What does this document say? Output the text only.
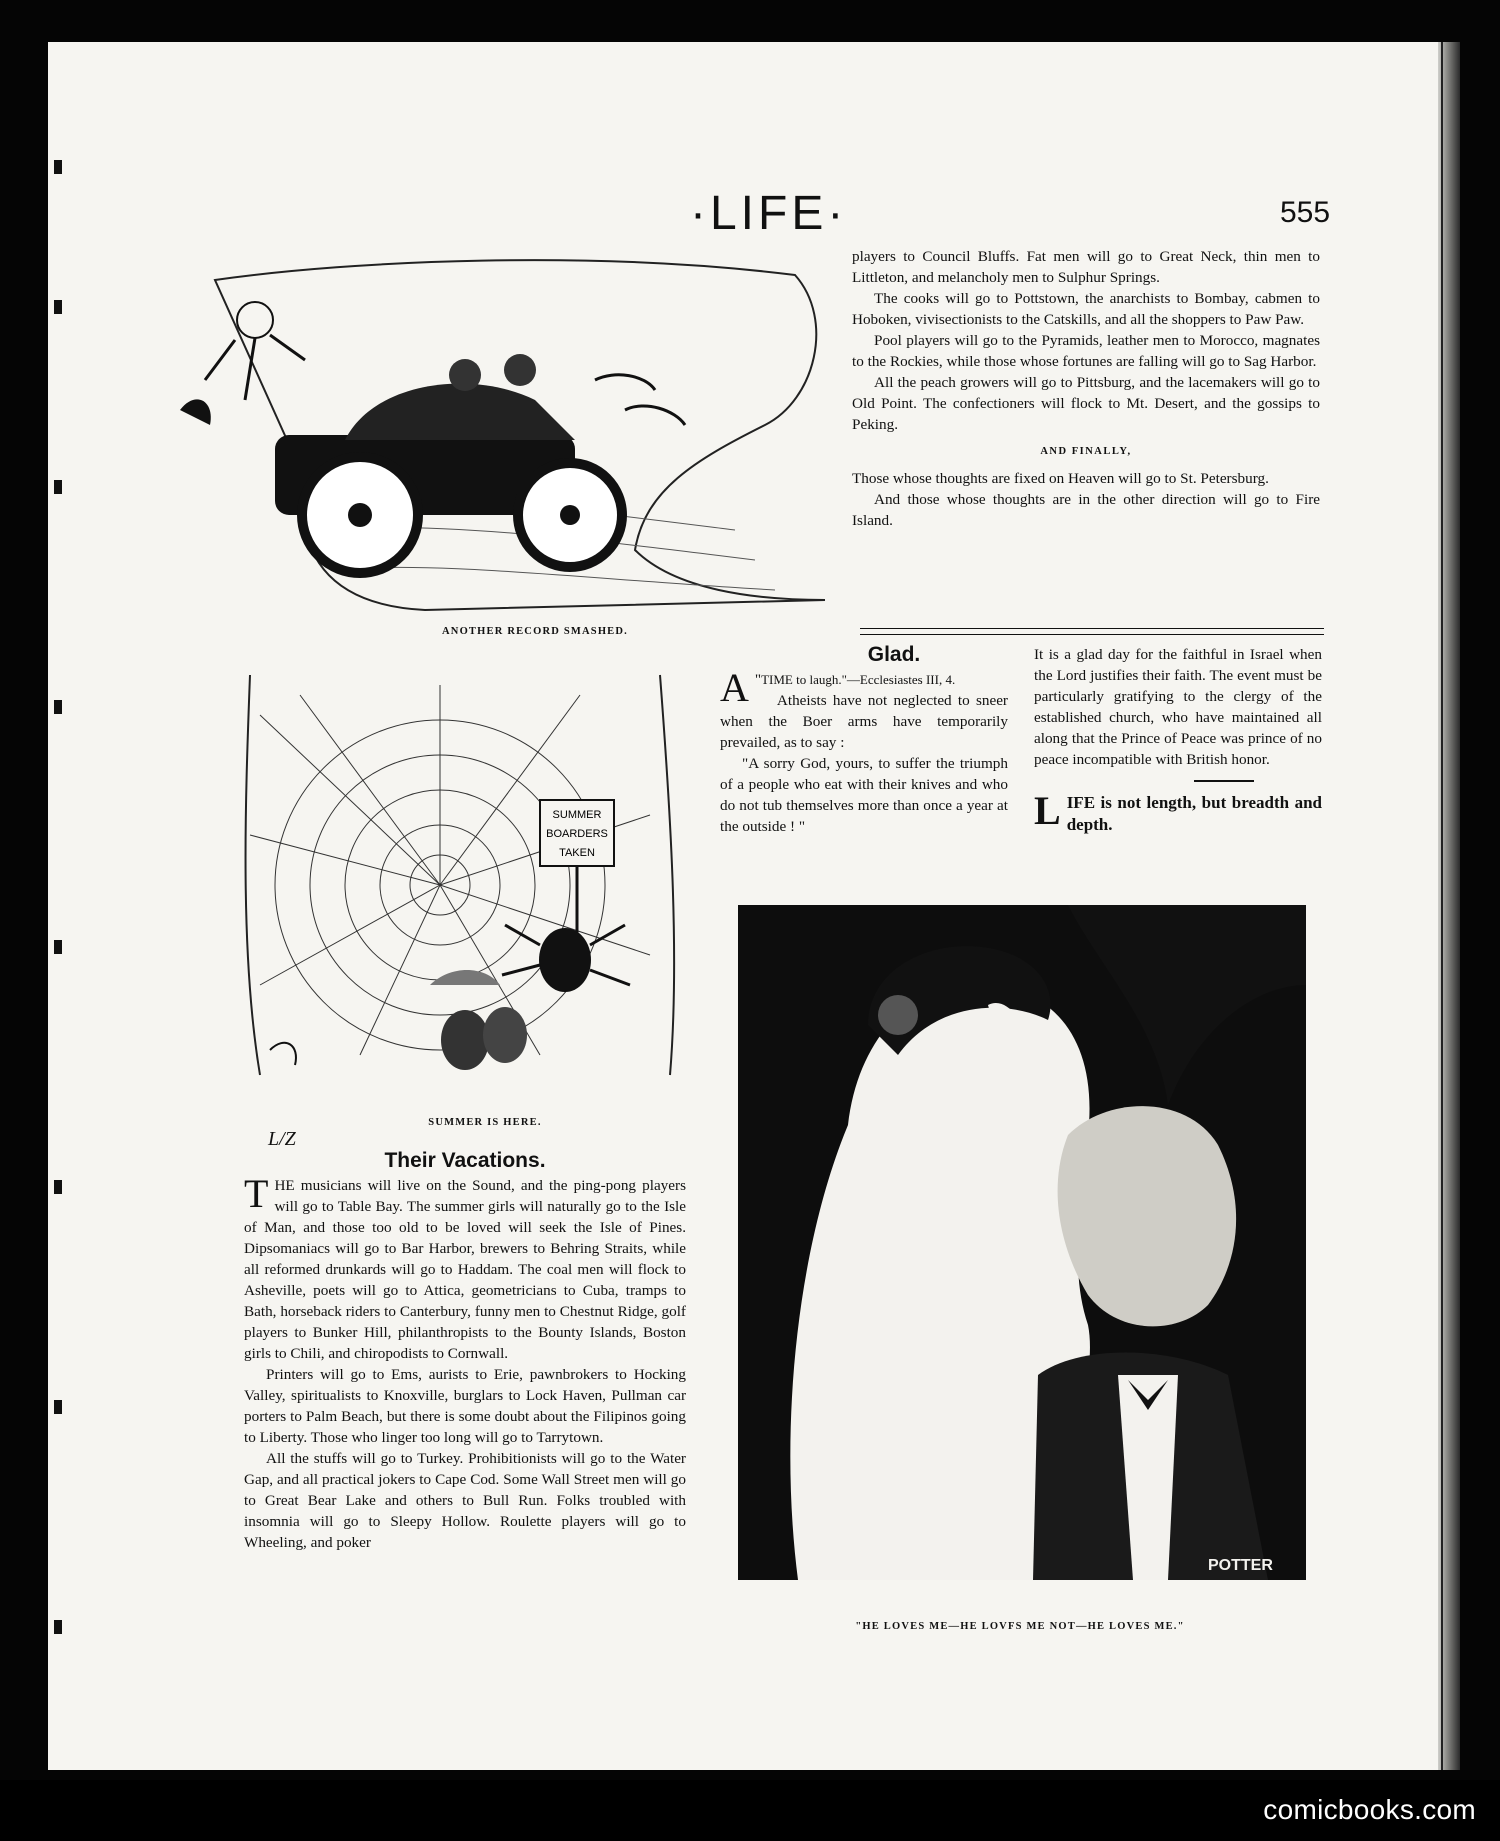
·LIFE·	555
ANOTHER RECORD SMASHED.
SUMMER
BOARDERS
TAKEN
SUMMER IS HERE.
L/Z
Their Vacations.

THE musicians will live on the Sound, and the ping-pong players will go to Table Bay. The summer girls will naturally go to the Isle of Man, and those too old to be loved will seek the Isle of Pines. Dipsomaniacs will go to Bar Harbor, brewers to Behring Straits, while all reformed drunkards will go to Haddam. The coal men will flock to Asheville, poets will go to Attica, geometricians to Cuba, tramps to Bath, horseback riders to Canterbury, funny men to Chestnut Ridge, golf players to Bunker Hill, philanthropists to the Bounty Islands, Boston girls to Chili, and chiropodists to Cornwall.

Printers will go to Ems, aurists to Erie, pawnbrokers to Hocking Valley, spiritualists to Knoxville, burglars to Lock Haven, Pullman car porters to Palm Beach, but there is some doubt about the Filipinos going to Liberty. Those who linger too long will go to Tarrytown.

All the stuffs will go to Turkey. Prohibitionists will go to the Water Gap, and all practical jokers to Cape Cod. Some Wall Street men will go to Great Bear Lake and others to Bull Run. Folks troubled with insomnia will go to Sleepy Hollow. Roulette players will go to Wheeling, and poker

players to Council Bluffs. Fat men will go to Great Neck, thin men to Littleton, and melancholy men to Sulphur Springs.

The cooks will go to Pottstown, the anarchists to Bombay, cabmen to Hoboken, vivisectionists to the Catskills, and all the shoppers to Paw Paw.

Pool players will go to the Pyramids, leather men to Morocco, magnates to the Rockies, while those whose fortunes are falling will go to Sag Harbor.

All the peach growers will go to Pittsburg, and the lacemakers will go to Old Point. The confectioners will flock to Mt. Desert, and the gossips to Peking.

AND FINALLY,

Those whose thoughts are fixed on Heaven will go to St. Petersburg.

And those whose thoughts are in the other direction will go to Fire Island.

Glad.

"
A TIME to laugh."—Ecclesiastes III, 4.

Atheists have not neglected to sneer when the Boer arms have temporarily prevailed, as to say :

"A sorry God, yours, to suffer the triumph of a people who eat with their knives and who do not tub themselves more than once a year at the outside ! "

It is a glad day for the faithful in Israel when the Lord justifies their faith. The event must be particularly gratifying to the clergy of the established church, who have maintained all along that the Prince of Peace was prince of no peace incompatible with British honor.

LIFE is not length, but breadth and depth.

POTTER
"HE LOVES ME—HE LOVFS ME NOT—HE LOVES ME."
comicbooks.com
